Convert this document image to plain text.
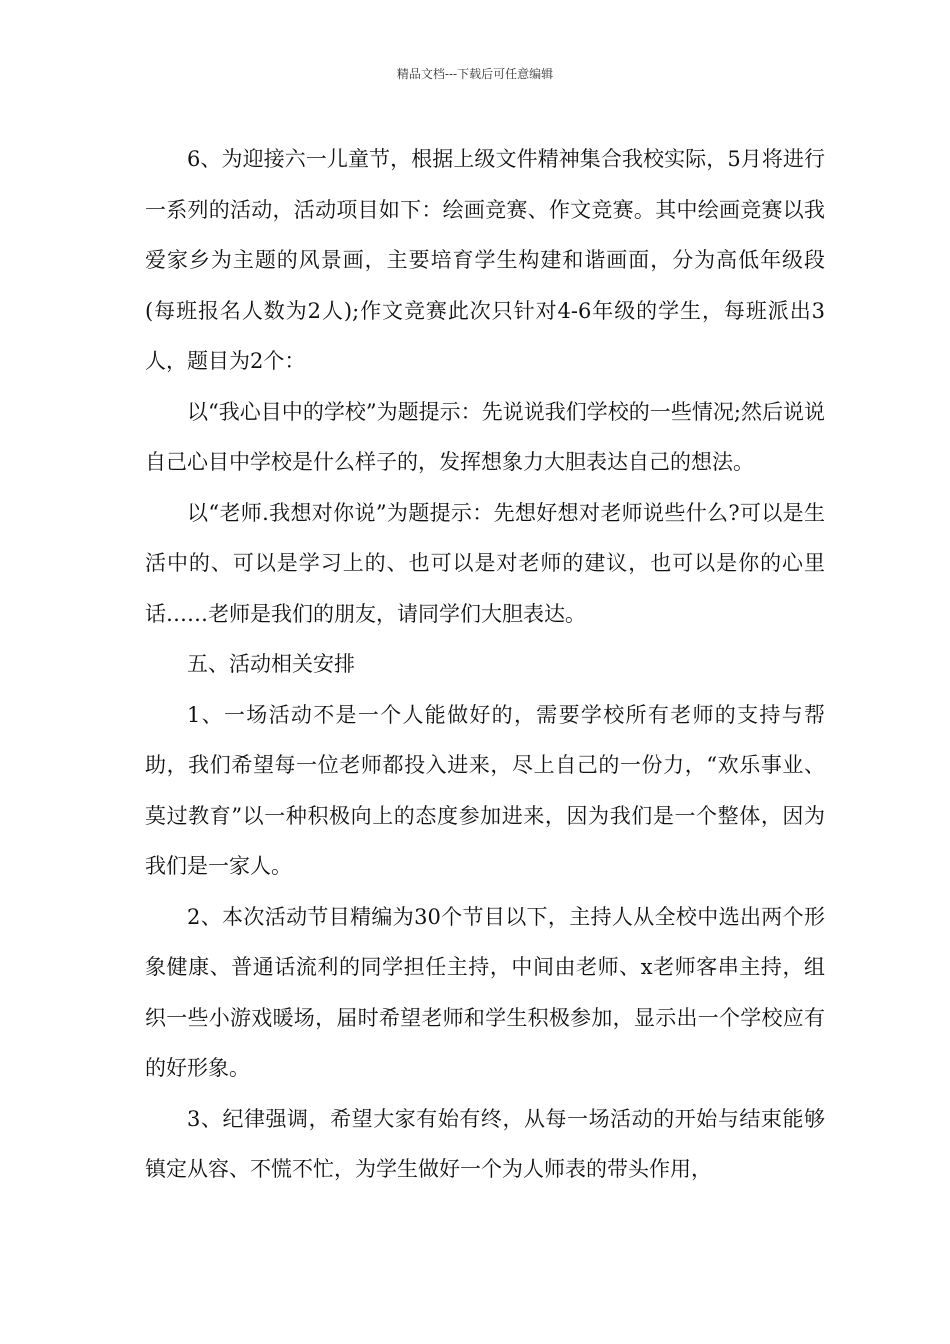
精品文档---下载后可任意编辑

6、为迎接六一儿童节，根据上级文件精神集合我校实际，5月将进行一系列的活动，活动项目如下：绘画竞赛、作文竞赛。其中绘画竞赛以我爱家乡为主题的风景画，主要培育学生构建和谐画面，分为高低年级段(每班报名人数为2人);作文竞赛此次只针对4-6年级的学生，每班派出3人，题目为2个：

以“我心目中的学校”为题提示：先说说我们学校的一些情况;然后说说自己心目中学校是什么样子的，发挥想象力大胆表达自己的想法。

以“老师.我想对你说”为题提示：先想好想对老师说些什么?可以是生活中的、可以是学习上的、也可以是对老师的建议，也可以是你的心里话……老师是我们的朋友，请同学们大胆表达。

五、活动相关安排

1、一场活动不是一个人能做好的，需要学校所有老师的支持与帮助，我们希望每一位老师都投入进来，尽上自己的一份力，“欢乐事业、莫过教育”以一种积极向上的态度参加进来，因为我们是一个整体，因为我们是一家人。

2、本次活动节目精编为30个节目以下，主持人从全校中选出两个形象健康、普通话流利的同学担任主持，中间由老师、x老师客串主持，组织一些小游戏暖场，届时希望老师和学生积极参加，显示出一个学校应有的好形象。

3、纪律强调，希望大家有始有终，从每一场活动的开始与结束能够镇定从容、不慌不忙，为学生做好一个为人师表的带头作用，
